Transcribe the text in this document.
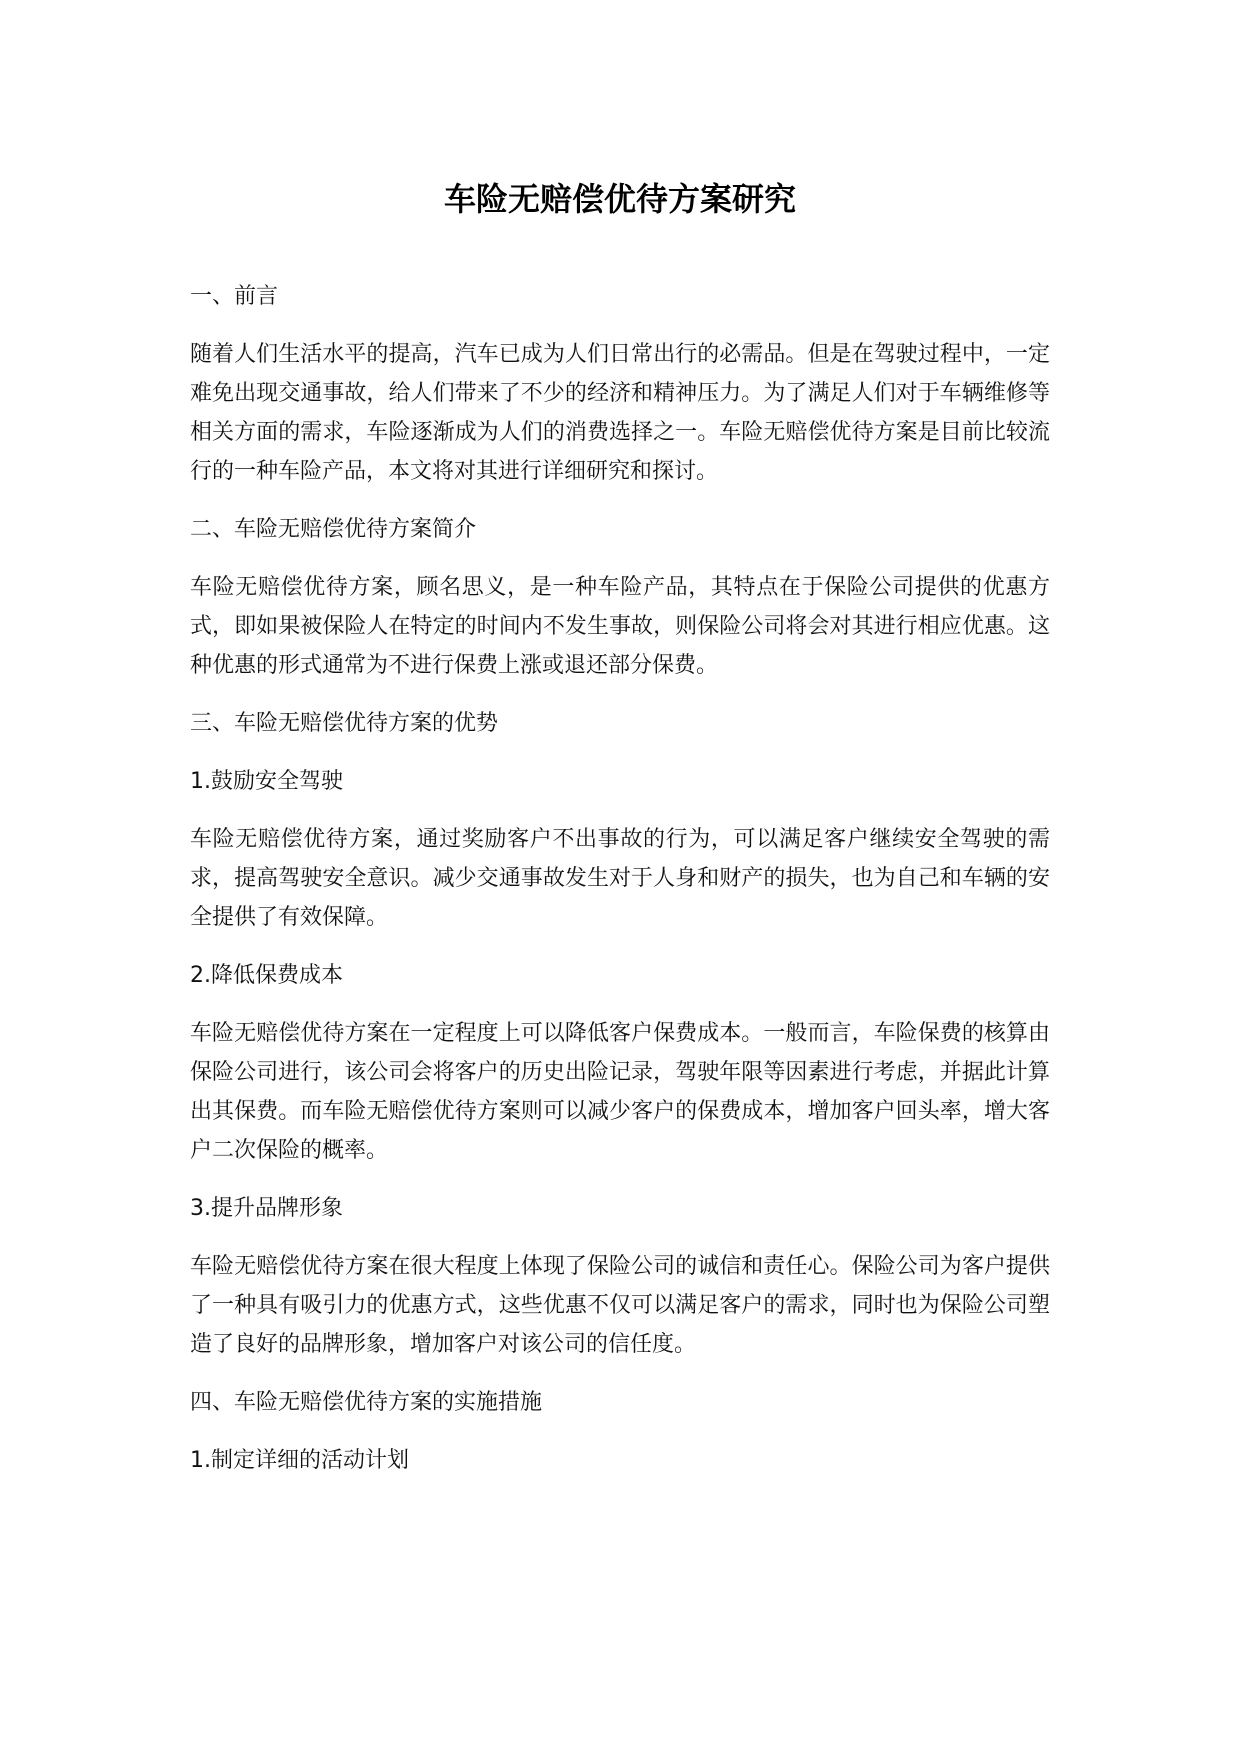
车险无赔偿优待方案研究
一、前言

随着人们生活水平的提高，汽车已成为人们日常出行的必需品。但是在驾驶过程中，一定难免出现交通事故，给人们带来了不少的经济和精神压力。为了满足人们对于车辆维修等相关方面的需求，车险逐渐成为人们的消费选择之一。车险无赔偿优待方案是目前比较流行的一种车险产品，本文将对其进行详细研究和探讨。

二、车险无赔偿优待方案简介

车险无赔偿优待方案，顾名思义，是一种车险产品，其特点在于保险公司提供的优惠方式，即如果被保险人在特定的时间内不发生事故，则保险公司将会对其进行相应优惠。这种优惠的形式通常为不进行保费上涨或退还部分保费。

三、车险无赔偿优待方案的优势
1.鼓励安全驾驶

车险无赔偿优待方案，通过奖励客户不出事故的行为，可以满足客户继续安全驾驶的需求，提高驾驶安全意识。减少交通事故发生对于人身和财产的损失，也为自己和车辆的安全提供了有效保障。

2.降低保费成本

车险无赔偿优待方案在一定程度上可以降低客户保费成本。一般而言，车险保费的核算由保险公司进行，该公司会将客户的历史出险记录，驾驶年限等因素进行考虑，并据此计算出其保费。而车险无赔偿优待方案则可以减少客户的保费成本，增加客户回头率，增大客户二次保险的概率。

3.提升品牌形象

车险无赔偿优待方案在很大程度上体现了保险公司的诚信和责任心。保险公司为客户提供了一种具有吸引力的优惠方式，这些优惠不仅可以满足客户的需求，同时也为保险公司塑造了良好的品牌形象，增加客户对该公司的信任度。

四、车险无赔偿优待方案的实施措施
1.制定详细的活动计划
